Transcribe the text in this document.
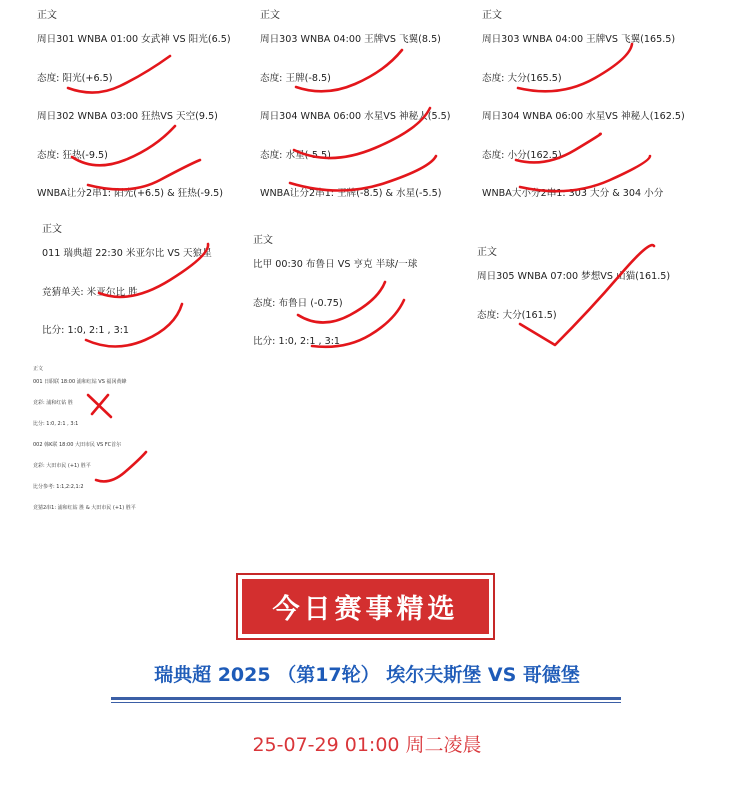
正文
周日301 WNBA 01:00 女武神 VS 阳光(6.5)
态度: 阳光(+6.5)
周日302 WNBA 03:00 狂热VS 天空(9.5)
态度: 狂热(-9.5)
WNBA让分2串1: 阳光(+6.5) & 狂热(-9.5)
正文
周日303 WNBA 04:00 王牌VS 飞翼(8.5)
态度: 王牌(-8.5)
周日304 WNBA 06:00 水星VS 神秘人(5.5)
态度: 水星(-5.5)
WNBA让分2串1: 王牌(-8.5) & 水星(-5.5)
正文
周日303 WNBA 04:00 王牌VS 飞翼(165.5)
态度: 大分(165.5)
周日304 WNBA 06:00 水星VS 神秘人(162.5)
态度: 小分(162.5)
WNBA大小分2串1: 303 大分 & 304 小分
正文
011 瑞典超 22:30 米亚尔比 VS 天狼星
竞猜单关: 米亚尔比 胜
比分: 1:0, 2:1 , 3:1
正文
比甲 00:30 布鲁日 VS 亨克 半球/一球
态度: 布鲁日 (-0.75)
比分: 1:0, 2:1 , 3:1
正文
周日305 WNBA 07:00 梦想VS 山猫(161.5)
态度: 大分(161.5)
正文
001 日职联 18:00 浦和红钻 VS 福冈黄蜂
竞彩: 浦和红钻 胜
比分: 1:0, 2:1 , 3:1
002 韩K联 18:00 大田市民 VS FC首尔
竞彩: 大田市民 (+1) 胜平
比分参考: 1:1,2:2,1:2
竞猜2串1: 浦和红钻 胜 & 大田市民 (+1) 胜平
今日赛事精选
瑞典超 2025 （第17轮） 埃尔夫斯堡 VS 哥德堡
25-07-29 01:00 周二凌晨
